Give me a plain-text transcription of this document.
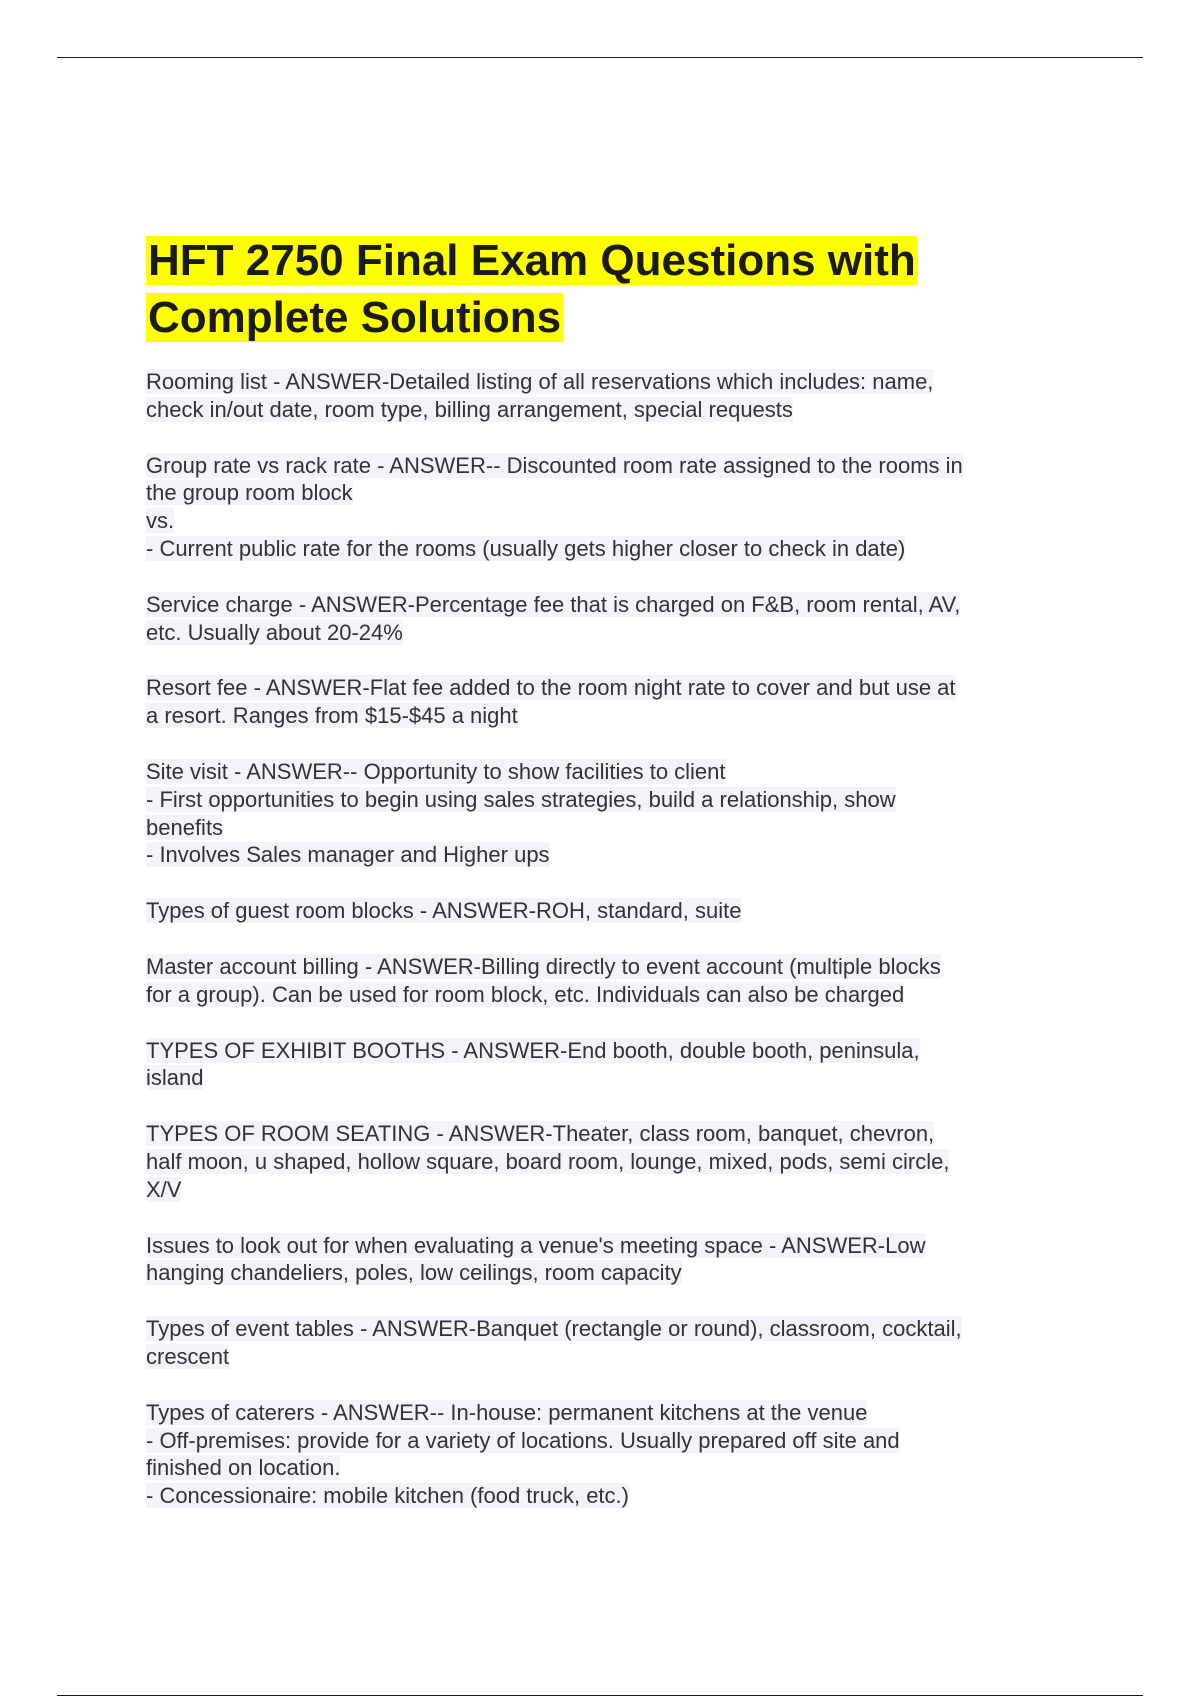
HFT 2750 Final Exam Questions with
Complete Solutions
Rooming list - ANSWER-Detailed listing of all reservations which includes: name,
check in/out date, room type, billing arrangement, special requests
Group rate vs rack rate - ANSWER-- Discounted room rate assigned to the rooms in
the group room block
vs.
- Current public rate for the rooms (usually gets higher closer to check in date)
Service charge - ANSWER-Percentage fee that is charged on F&B, room rental, AV,
etc. Usually about 20-24%
Resort fee - ANSWER-Flat fee added to the room night rate to cover and but use at
a resort. Ranges from $15-$45 a night
Site visit - ANSWER-- Opportunity to show facilities to client
- First opportunities to begin using sales strategies, build a relationship, show
benefits
- Involves Sales manager and Higher ups
Types of guest room blocks - ANSWER-ROH, standard, suite
Master account billing - ANSWER-Billing directly to event account (multiple blocks
for a group). Can be used for room block, etc. Individuals can also be charged
TYPES OF EXHIBIT BOOTHS - ANSWER-End booth, double booth, peninsula,
island
TYPES OF ROOM SEATING - ANSWER-Theater, class room, banquet, chevron,
half moon, u shaped, hollow square, board room, lounge, mixed, pods, semi circle,
X/V
Issues to look out for when evaluating a venue's meeting space - ANSWER-Low
hanging chandeliers, poles, low ceilings, room capacity
Types of event tables - ANSWER-Banquet (rectangle or round), classroom, cocktail,
crescent
Types of caterers - ANSWER-- In-house: permanent kitchens at the venue
- Off-premises: provide for a variety of locations. Usually prepared off site and
finished on location.
- Concessionaire: mobile kitchen (food truck, etc.)
